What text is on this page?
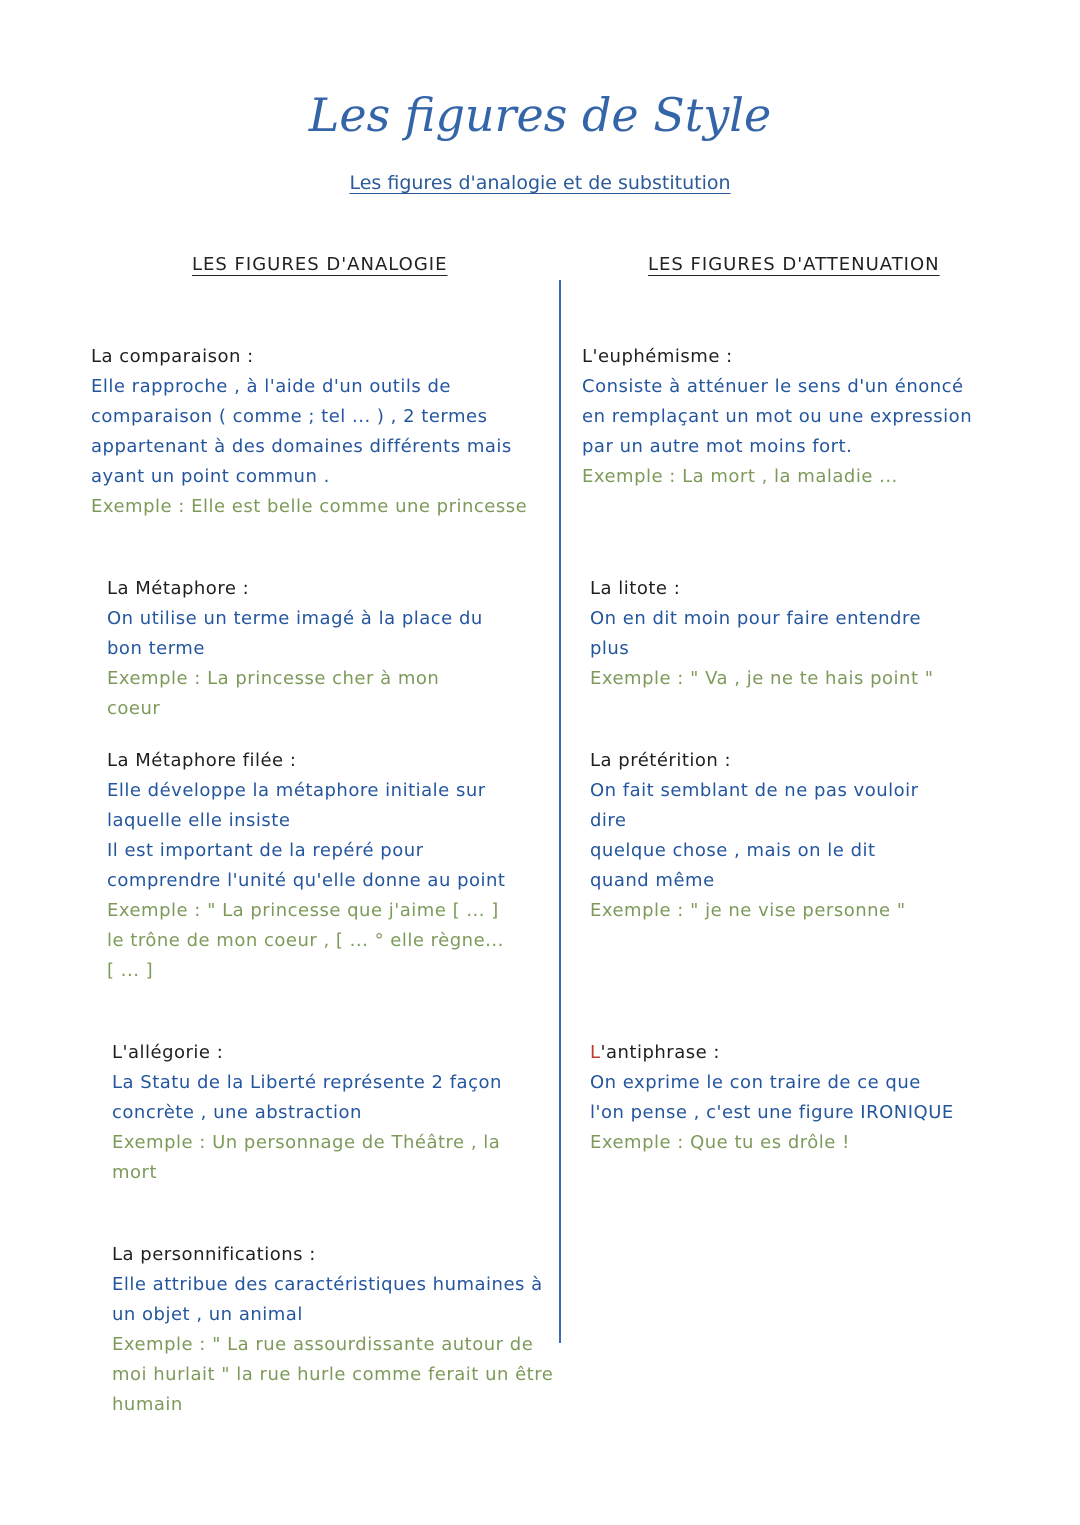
Les figures de Style
Les figures d'analogie et de substitution
LES FIGURES D'ANALOGIE	LES FIGURES D'ATTENUATION
La comparaison :
Elle rapproche , à l'aide d'un outils de comparaison ( comme ; tel ... ) , 2 termes appartenant à des domaines différents mais ayant un point commun .
Exemple : Elle est belle comme une princesse
La Métaphore :
On utilise un terme imagé à la place du bon terme
Exemple : La princesse cher à mon coeur
La Métaphore filée :
Elle développe la métaphore initiale sur laquelle elle insiste
Il est important de la repéré pour comprendre l'unité qu'elle donne au point
Exemple : " La princesse que j'aime [ ... ] le trône de mon coeur , [ ... ° elle règne... [ ... ]
L'allégorie :
La Statu de la Liberté représente 2 façon concrète , une abstraction
Exemple : Un personnage de Théâtre , la mort
La personnifications :
Elle attribue des caractéristiques humaines à un objet , un animal
Exemple : " La rue assourdissante autour de moi hurlait " la rue hurle comme ferait un être humain
L'euphémisme :
Consiste à atténuer le sens d'un énoncé en remplaçant un mot ou une expression par un autre mot moins fort.
Exemple : La mort , la maladie ...
La litote :
On en dit moin pour faire entendre plus
Exemple : " Va , je ne te hais point "
La prétérition :
On fait semblant de ne pas vouloir dire
quelque chose , mais on le dit quand même
Exemple : " je ne vise personne "
L'antiphrase :
On exprime le con traire de ce que l'on pense , c'est une figure IRONIQUE
Exemple : Que tu es drôle !
